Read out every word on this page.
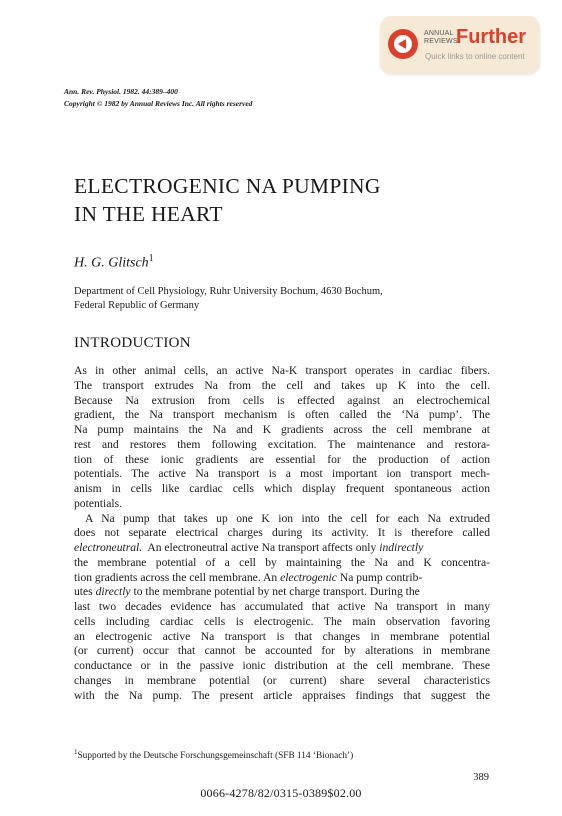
ANNUAL
REVIEWS
Further
Quick links to online content
Ann. Rev. Physiol. 1982. 44:389–400
Copyright © 1982 by Annual Reviews Inc. All rights reserved
ELECTROGENIC NA PUMPING
IN THE HEART
H. G. Glitsch$^1$
Department of Cell Physiology, Ruhr University Bochum, 4630 Bochum,
Federal Republic of Germany
INTRODUCTION
As in other animal cells, an active Na-K transport operates in cardiac fibers.
The transport extrudes Na from the cell and takes up K into the cell.
Because Na extrusion from cells is effected against an electrochemical
gradient, the Na transport mechanism is often called the ‘Na pump’. The
Na pump maintains the Na and K gradients across the cell membrane at
rest and restores them following excitation. The maintenance and restora-
tion of these ionic gradients are essential for the production of action
potentials. The active Na transport is a most important ion transport mech-
anism in cells like cardiac cells which display frequent spontaneous action
potentials.
A Na pump that takes up one K ion into the cell for each Na extruded
does not separate electrical charges during its activity. It is therefore called
electroneutral. An electroneutral active Na transport affects only indirectly
the membrane potential of a cell by maintaining the Na and K concentra-
tion gradients across the cell membrane. An electrogenic Na pump contrib-
utes directly to the membrane potential by net charge transport. During the
last two decades evidence has accumulated that active Na transport in many
cells including cardiac cells is electrogenic. The main observation favoring
an electrogenic active Na transport is that changes in membrane potential
(or current) occur that cannot be accounted for by alterations in membrane
conductance or in the passive ionic distribution at the cell membrane. These
changes in membrane potential (or current) share several characteristics
with the Na pump. The present article appraises findings that suggest the
$^1$Supported by the Deutsche Forschungsgemeinschaft (SFB 114 ‘Bionach’)
389
0066-4278/82/0315-0389$02.00
